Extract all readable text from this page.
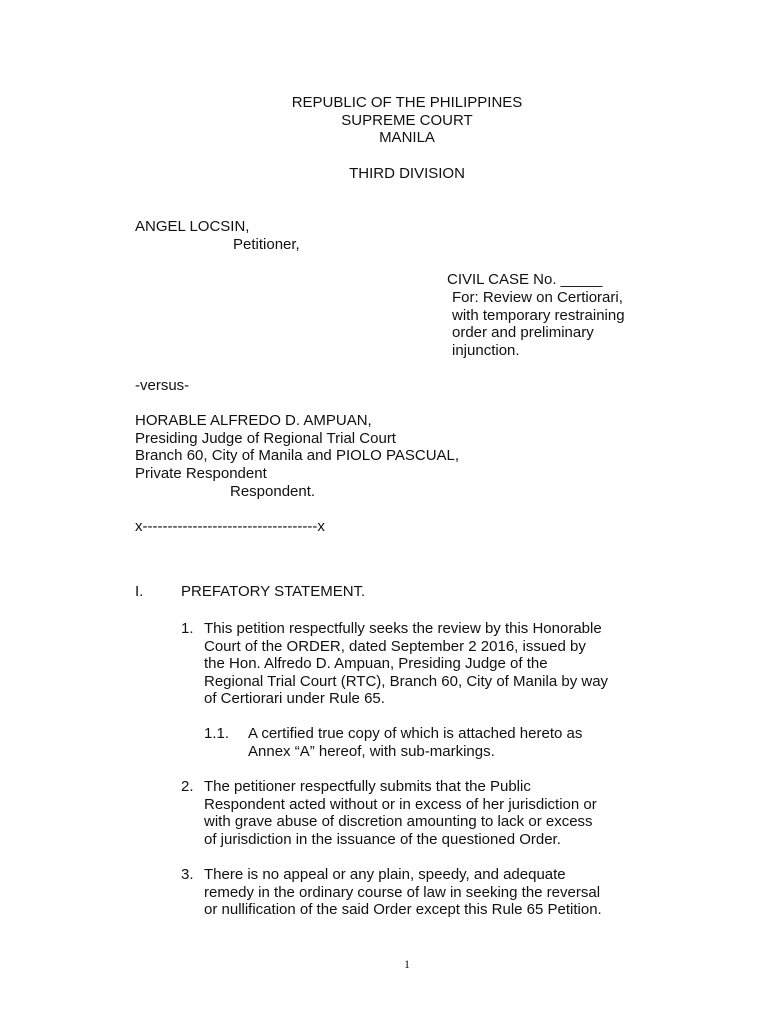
REPUBLIC OF THE PHILIPPINES
SUPREME COURT
MANILA
THIRD DIVISION
ANGEL LOCSIN,
Petitioner,
CIVIL CASE No. _____
For: Review on Certiorari,
with temporary restraining
order and preliminary
injunction.
-versus-
HORABLE ALFREDO D. AMPUAN,
Presiding Judge of Regional Trial Court
Branch 60, City of Manila and PIOLO PASCUAL,
Private Respondent
Respondent.
x-----------------------------------x
I.	PREFATORY STATEMENT.
1. This petition respectfully seeks the review by this Honorable
Court of the ORDER, dated September 2 2016, issued by
the Hon. Alfredo D. Ampuan, Presiding Judge of the
Regional Trial Court (RTC), Branch 60, City of Manila by way
of Certiorari under Rule 65.
1.1. A certified true copy of which is attached hereto as
Annex “A” hereof, with sub-markings.
2. The petitioner respectfully submits that the Public
Respondent acted without or in excess of her jurisdiction or
with grave abuse of discretion amounting to lack or excess
of jurisdiction in the issuance of the questioned Order.
3. There is no appeal or any plain, speedy, and adequate
remedy in the ordinary course of law in seeking the reversal
or nullification of the said Order except this Rule 65 Petition.
1
